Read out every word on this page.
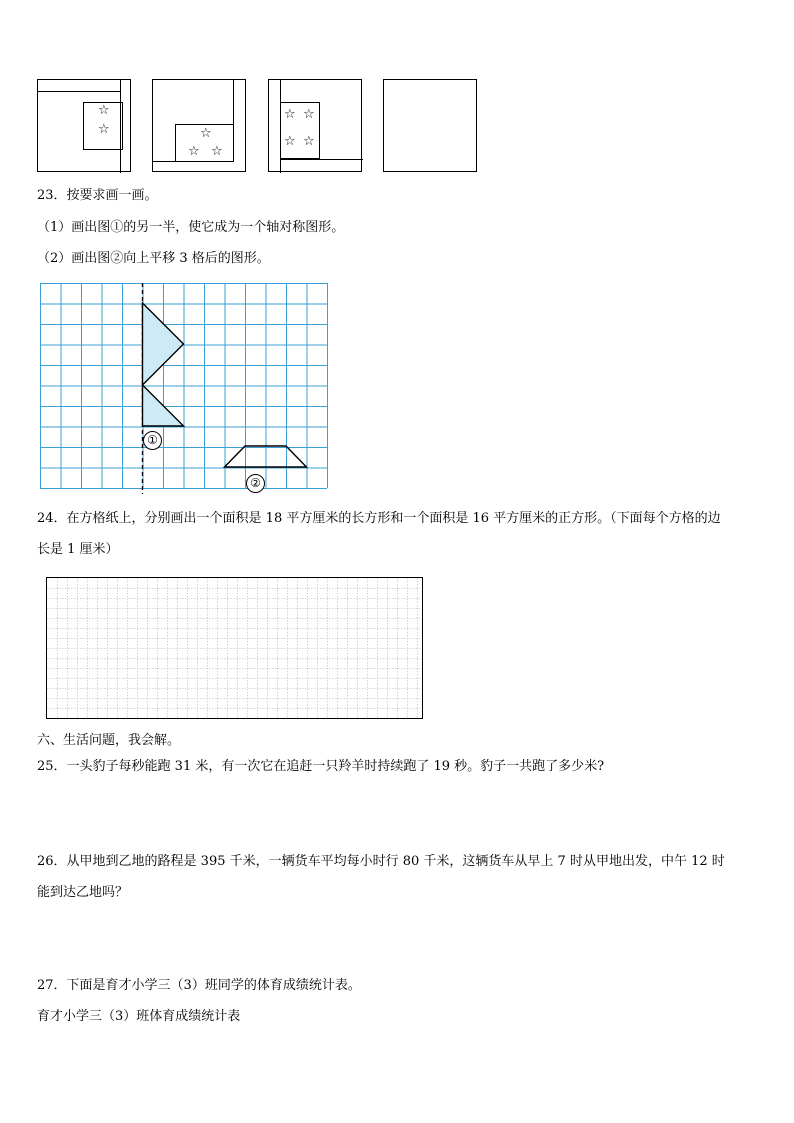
☆
☆	☆
☆ ☆
☆ ☆
☆ ☆
23．按要求画一画。
（1）画出图①的另一半，使它成为一个轴对称图形。
（2）画出图②向上平移 3 格后的图形。
①
②
24．在方格纸上，分别画出一个面积是 18 平方厘米的长方形和一个面积是 16 平方厘米的正方形。（下面每个方格的边
长是 1 厘米）
六、生活问题，我会解。
25．一头豹子每秒能跑 31 米，有一次它在追赶一只羚羊时持续跑了 19 秒。豹子一共跑了多少米?
26．从甲地到乙地的路程是 395 千米，一辆货车平均每小时行 80 千米，这辆货车从早上 7 时从甲地出发，中午 12 时
能到达乙地吗？
27．下面是育才小学三（3）班同学的体育成绩统计表。
育才小学三（3）班体育成绩统计表
